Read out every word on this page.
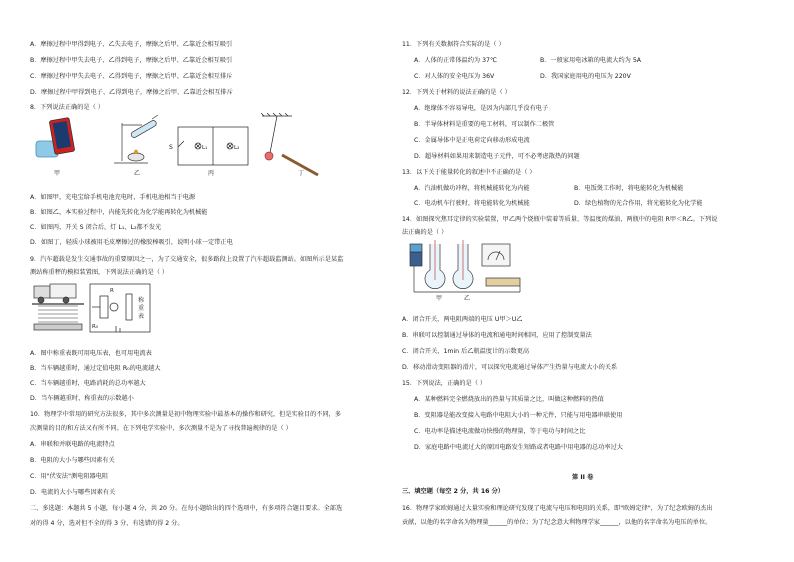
A．摩擦过程中甲得到电子、乙失去电子，摩擦之后甲、乙靠近会相互吸引
B．摩擦过程中甲失去电子、乙得到电子，摩擦之后甲、乙靠近会相互吸引
C．摩擦过程中甲失去电子、乙得到电子，摩擦之后甲、乙靠近会相互排斥
D．摩擦过程中甲得到电子、乙得到电子，摩擦之后甲、乙靠近会相互排斥
8．下列说法正确的是（ ）
甲	乙
S	L₁	L₂
丙	丁
A．如图甲，充电宝给手机电池充电时，手机电池相当于电源
B．如图乙，本实验过程中，内能先转化为化学能再转化为机械能
C．如图丙，开关 S 闭合后，灯 L₁、L₂都不发光
D．如图丁，轻质小球被用毛皮摩擦过的橡胶棒吸引，说明小球一定带正电
9．汽车超载是发生交通事故的重要原因之一，为了交通安全，很多路段上设置了汽车超载监测站。如图所示是某监
测站称重秤的模拟装置图，下列说法正确的是（ ）
R
R₀
称
重
表
A．图中称重表既可用电压表，也可用电流表
B．当车辆越重时，通过定值电阻 R₀的电流越大
C．当车辆越重时，电路消耗的总功率越大
D．当车辆越重时，称重表的示数越小
10．物理学中常用的研究方法很多，其中多次测量是初中物理实验中最基本的操作和研究，但是实验目的不同，多
次测量的目的和方法又有所不同。在下列电学实验中，多次测量不是为了寻找普遍规律的是（ ）
A．串联和并联电路的电流特点
B．电阻的大小与哪些因素有关
C．用"伏安法"测电阻器电阻
D．电流的大小与哪些因素有关
二、多选题：本题共 5 小题，每小题 4 分，共 20 分。在每小题给出的四个选项中，有多项符合题目要求。全部选
对的得 4 分，选对但不全的得 3 分，有选错的得 2 分。
11．下列有关数据符合实际的是（ ）
A．人体的正常体温约为 37℃	B．一般家用电冰箱的电流大约为 5A
C．对人体的安全电压为 36V	D．我国家庭用电的电压为 220V
12．下列关于材料的说法正确的是（ ）
A．绝缘体不容易导电，是因为内部几乎没有电子
B．半导体材料是重要的电工材料，可以制作二极管
C．金属导体中是正电荷定向移动形成电流
D．超导材料如果用来制造电子元件，可不必考虑散热的问题
13．以下关于能量转化的叙述中不正确的是（ ）
A．汽油机做功冲程，将机械能转化为内能	B．电饭煲工作时，将电能转化为机械能
C．电动机车行驶时，将电能转化为机械能	D．绿色植物的光合作用，将光能转化为化学能
14．如图探究焦耳定律的实验装置，甲乙两个烧瓶中装着等质量、等温度的煤油，两瓶中的电阻 R甲＜R乙。下列说
法正确的是（ ）
甲	乙
A．闭合开关，两电阻两端的电压 U甲＞U乙
B．串联可以控制通过导体的电流和通电时间相同，应用了控制变量法
C．闭合开关，1min 后乙瓶温度计的示数更高
D．移动滑动变阻器的滑片，可以探究电流通过导体产生热量与电流大小的关系
15．下列说法，正确的是（ ）
A．某种燃料完全燃烧放出的热量与其质量之比，叫做这种燃料的热值
B．变阻器是能改变接入电路中电阻大小的一种元件，只能与用电器串联使用
C．电功率是描述电流做功快慢的物理量，等于电功与时间之比
D．家庭电路中电流过大的原因电路发生短路或者电路中用电器的总功率过大
第 II 卷
三、填空题（每空 2 分，共 16 分）
16．物理学家欧姆通过大量实验和理论研究发现了电流与电压和电阻的关系，即"欧姆定律"，为了纪念欧姆的杰出
贡献，以他的名字命名为物理量______的单位；为了纪念意大利物理学家______，以他的名字命名为电压的单位。
